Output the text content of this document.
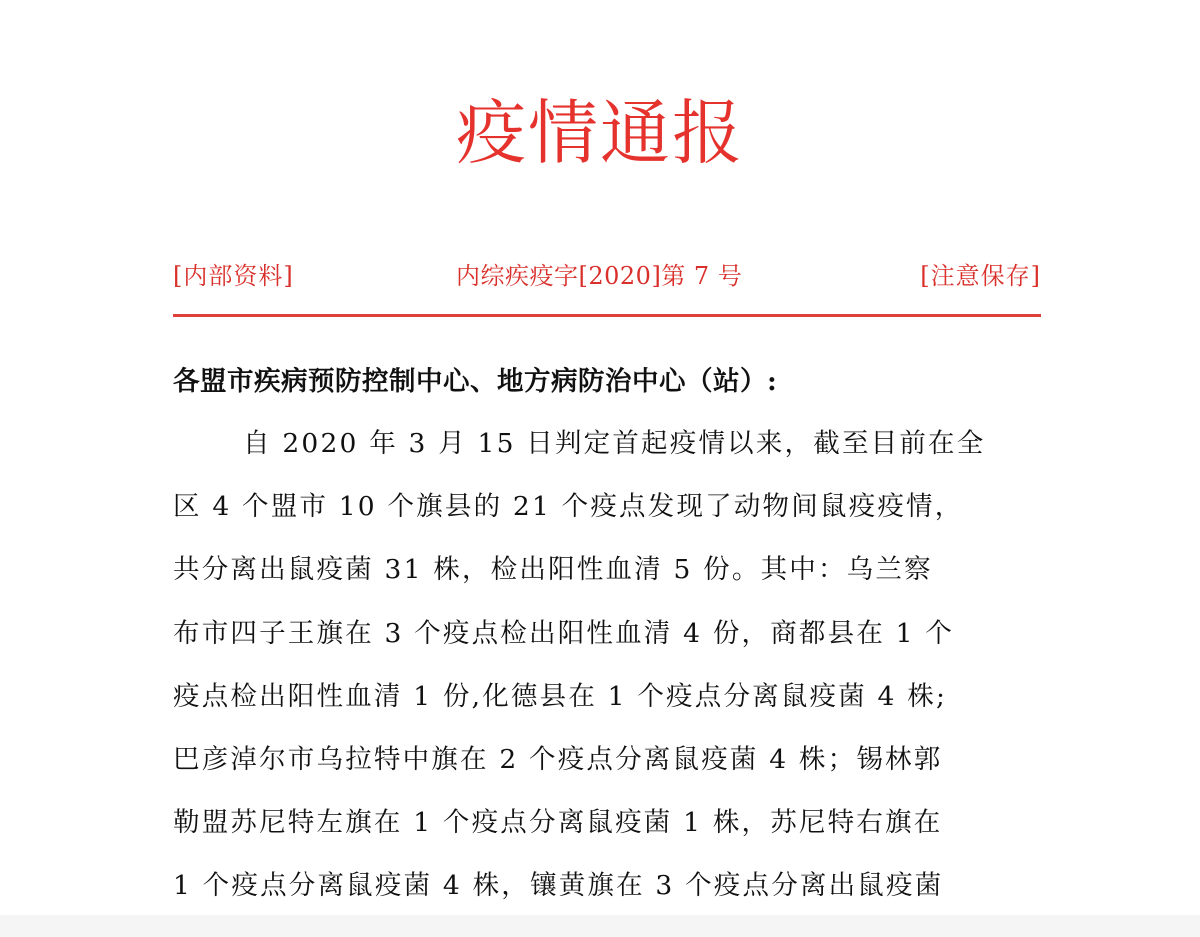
疫情通报
[内部资料]	内综疾疫字[2020]第 7 号	[注意保存]
各盟市疾病预防控制中心、地方病防治中心（站）:
自 2020 年 3 月 15 日判定首起疫情以来，截至目前在全
区 4 个盟市 10 个旗县的 21 个疫点发现了动物间鼠疫疫情，
共分离出鼠疫菌 31 株，检出阳性血清 5 份。其中：乌兰察
布市四子王旗在 3 个疫点检出阳性血清 4 份，商都县在 1 个
疫点检出阳性血清 1 份,化德县在 1 个疫点分离鼠疫菌 4 株;
巴彦淖尔市乌拉特中旗在 2 个疫点分离鼠疫菌 4 株；锡林郭
勒盟苏尼特左旗在 1 个疫点分离鼠疫菌 1 株，苏尼特右旗在
1 个疫点分离鼠疫菌 4 株，镶黄旗在 3 个疫点分离出鼠疫菌
